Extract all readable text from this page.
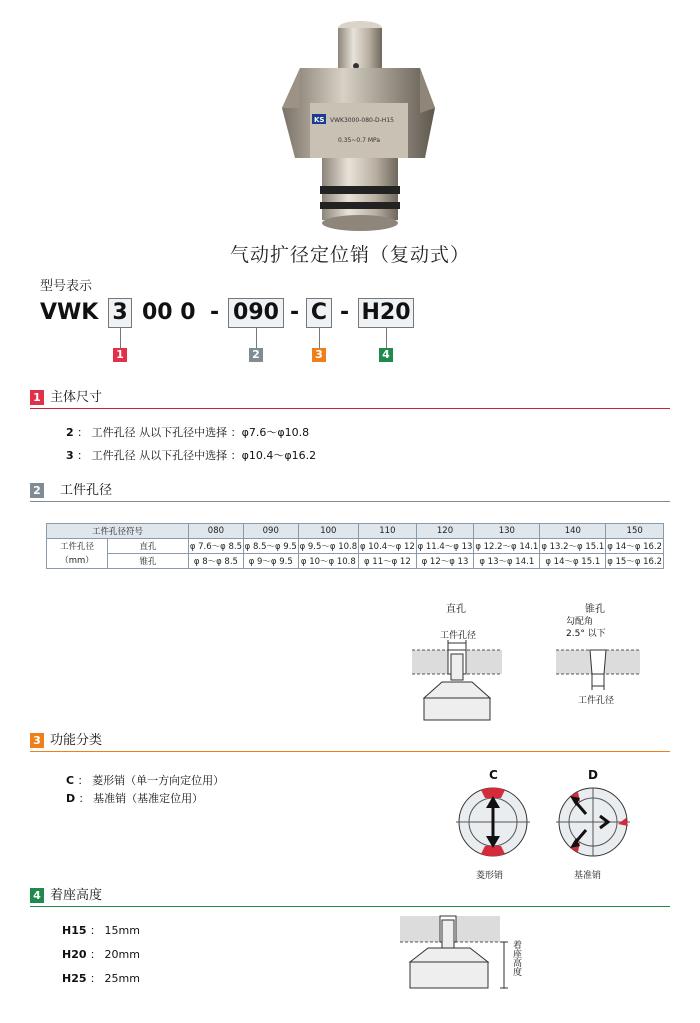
KS VWK3000-080-D-H15
0.35~0.7 MPa
气动扩径定位销（复动式）
型号表示
VWK 3 00 0 - 090 - C - H20
1	2	3	4
1 主体尺寸
2 ： 工件孔径 从以下孔径中选择 ：φ7.6～φ10.8
3 ： 工件孔径 从以下孔径中选择 ：φ10.4～φ16.2
2 工件孔径
工件孔径符号		080	090	100	110	120	130	140	150

工件孔径
（mm）	直孔	φ 7.6～φ 8.5	φ 8.5～φ 9.5	φ 9.5～φ 10.8	φ 10.4～φ 12	φ 11.4～φ 13	φ 12.2～φ 14.1	φ 13.2～φ 15.1	φ 14～φ 16.2
	锥孔	φ 8～φ 8.5	φ 9～φ 9.5	φ 10～φ 10.8	φ 11～φ 12	φ 12～φ 13	φ 13～φ 14.1	φ 14～φ 15.1	φ 15～φ 16.2
直孔
工件孔径
锥孔
勾配角
2.5° 以下
工件孔径
3 功能分类
C ： 菱形销（单一方向定位用）
D ： 基准销（基准定位用）
C
菱形销
D
基准销
4 着座高度
H15 ： 15mm
H20 ： 20mm
H25 ： 25mm
着座高度
